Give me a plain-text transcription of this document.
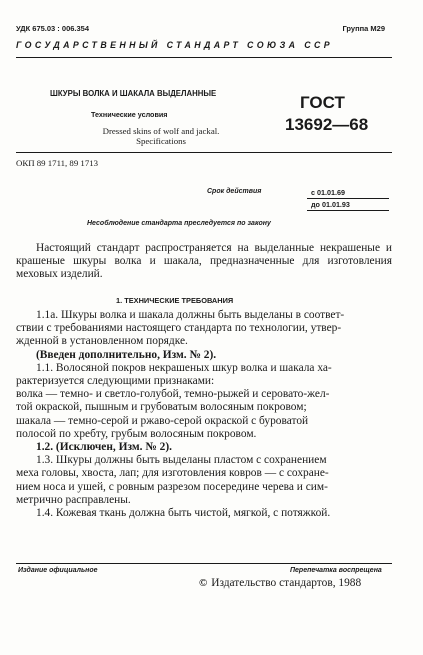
УДК 675.03 : 006.354	Группа М29
ГОСУДАРСТВЕННЫЙ СТАНДАРТ СОЮЗА ССР
ШКУРЫ ВОЛКА И ШАКАЛА ВЫДЕЛАННЫЕ
Технические условия
Dressed skins of wolf and jackal. Specifications
ГОСТ
13692—68
ОКП 89 1711, 89 1713
Срок действия	с 01.01.69
до 01.01.93
Несоблюдение стандарта преследуется по закону
Настоящий стандарт распространяется на выделанные некрашеные и крашеные шкуры волка и шакала, предназначенные для изготовления меховых изделий.
1. ТЕХНИЧЕСКИЕ ТРЕБОВАНИЯ
1.1а. Шкуры волка и шакала должны быть выделаны в соответ-
ствии с требованиями настоящего стандарта по технологии, утвер-
жденной в установленном порядке.
(Введен дополнительно, Изм. № 2).
1.1. Волосяной покров некрашеных шкур волка и шакала ха-
рактеризуется следующими признаками:
волка — темно- и светло-голубой, темно-рыжей и серовато-жел-
той окраской, пышным и грубоватым волосяным покровом;
шакала — темно-серой и ржаво-серой окраской с буроватой
полосой по хребту, грубым волосяным покровом.
1.2. (Исключен, Изм. № 2).
1.3. Шкуры должны быть выделаны пластом с сохранением
меха головы, хвоста, лап; для изготовления ковров — с сохране-
нием носа и ушей, с ровным разрезом посередине черева и сим-
метрично расправлены.
1.4. Кожевая ткань должна быть чистой, мягкой, с потяжкой.
Издание официальное	Перепечатка воспрещена
© Издательство стандартов, 1988
